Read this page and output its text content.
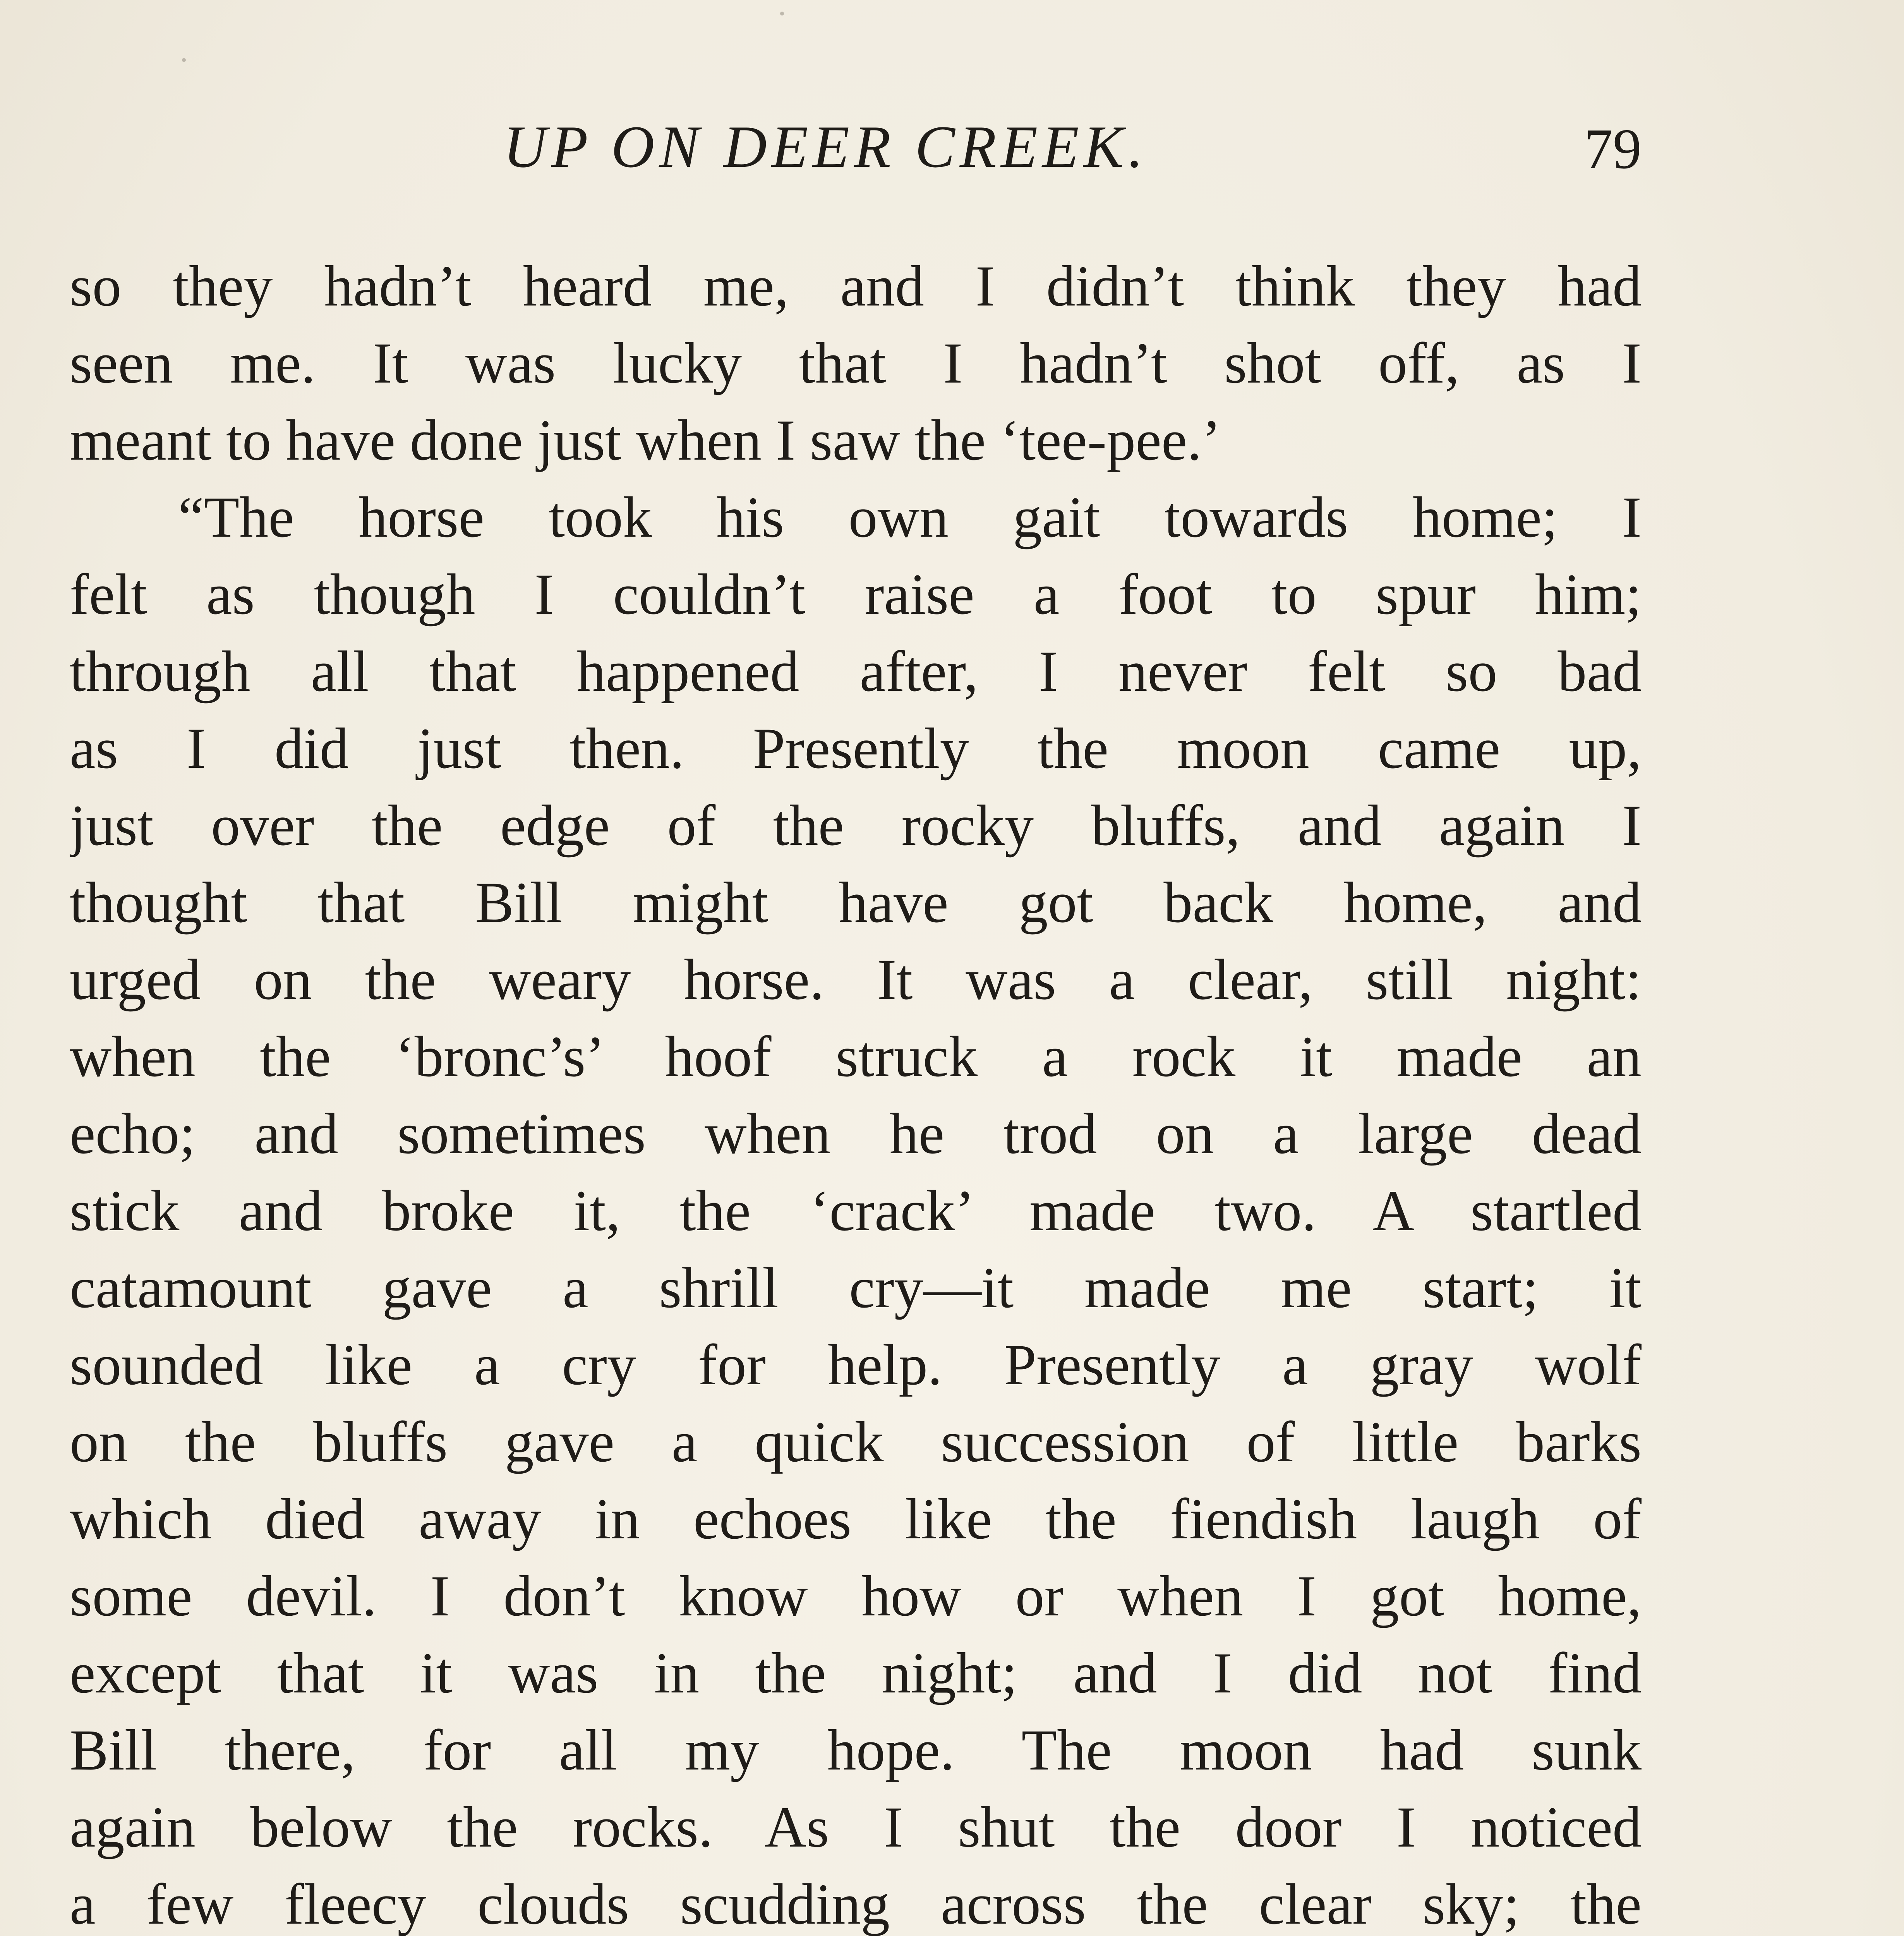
UP ON DEER CREEK.	79
so they hadn’t heard me, and I didn’t think they had
seen me. It was lucky that I hadn’t shot off, as I
meant to have done just when I saw the ‘tee-pee.’
“The horse took his own gait towards home; I
felt as though I couldn’t raise a foot to spur him;
through all that happened after, I never felt so bad
as I did just then. Presently the moon came up,
just over the edge of the rocky bluffs, and again I
thought that Bill might have got back home, and
urged on the weary horse. It was a clear, still night:
when the ‘bronc’s’ hoof struck a rock it made an
echo; and sometimes when he trod on a large dead
stick and broke it, the ‘crack’ made two. A startled
catamount gave a shrill cry—it made me start; it
sounded like a cry for help. Presently a gray wolf
on the bluffs gave a quick succession of little barks
which died away in echoes like the fiendish laugh of
some devil. I don’t know how or when I got home,
except that it was in the night; and I did not find
Bill there, for all my hope. The moon had sunk
again below the rocks. As I shut the door I noticed
a few fleecy clouds scudding across the clear sky; the
